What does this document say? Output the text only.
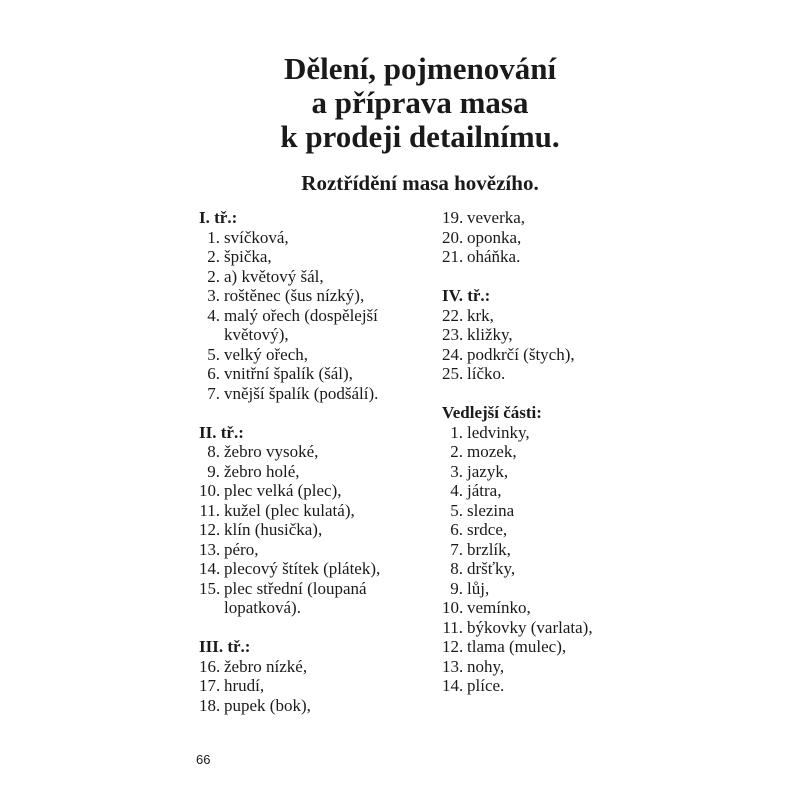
Dělení, pojmenování
a příprava masa
k prodeji detailnímu.
Roztřídění masa hovězího.
I. tř.:
1. svíčková,
2. špička,
2. a) květový šál,
3. roštěnec (šus nízký),
4. malý ořech (dospělejší
květový),
5. velký ořech,
6. vnitřní špalík (šál),
7. vnější špalík (podšálí).
II. tř.:
8. žebro vysoké,
9. žebro holé,
10. plec velká (plec),
11. kužel (plec kulatá),
12. klín (husička),
13. péro,
14. plecový štítek (plátek),
15. plec střední (loupaná
lopatková).
III. tř.:
16. žebro nízké,
17. hrudí,
18. pupek (bok),
19. veverka,
20. oponka,
21. oháňka.
IV. tř.:
22. krk,
23. kližky,
24. podkrčí (štych),
25. líčko.
Vedlejší části:
1. ledvinky,
2. mozek,
3. jazyk,
4. játra,
5. slezina
6. srdce,
7. brzlík,
8. dršťky,
9. lůj,
10. vemínko,
11. býkovky (varlata),
12. tlama (mulec),
13. nohy,
14. plíce.
66
